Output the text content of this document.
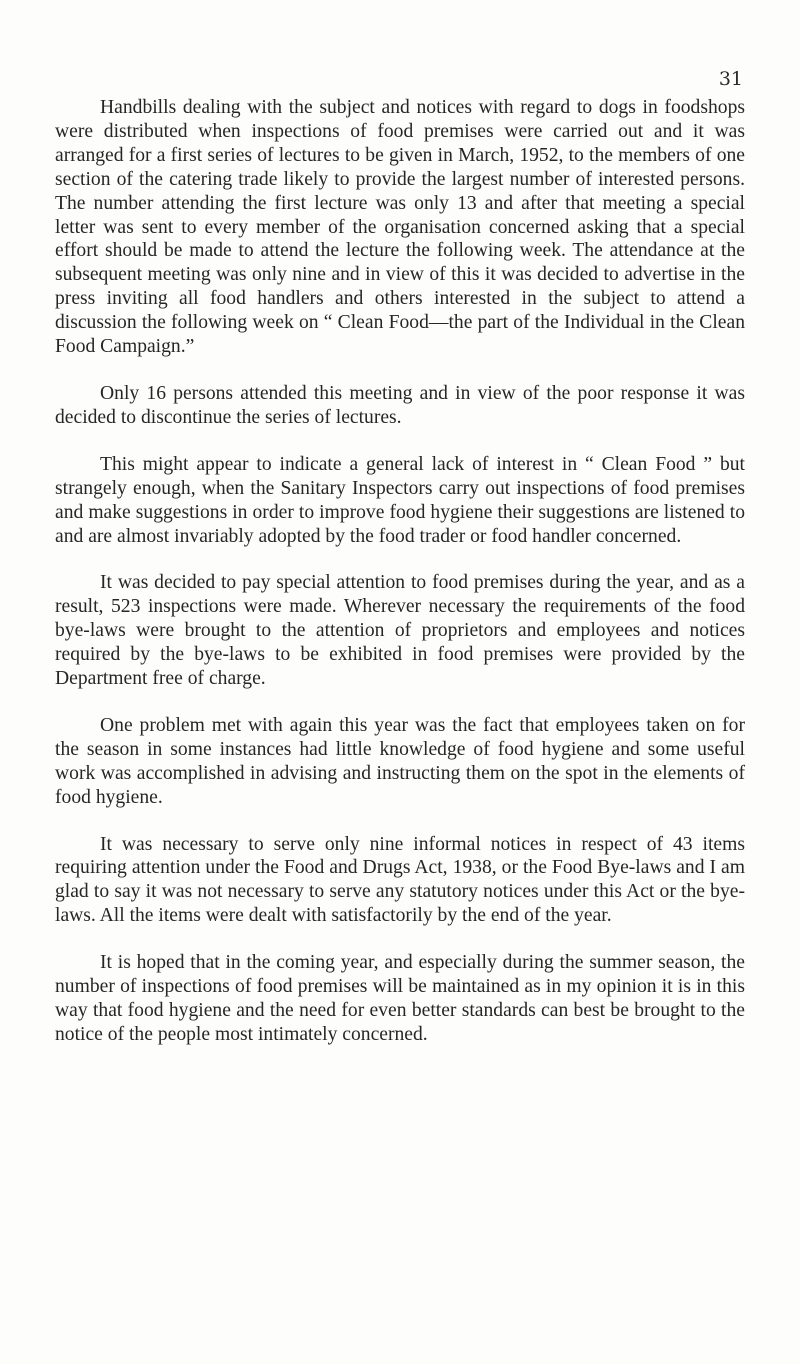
31

Handbills dealing with the subject and notices with regard to dogs in foodshops were distributed when inspections of food premises were carried out and it was arranged for a first series of lectures to be given in March, 1952, to the members of one section of the catering trade likely to provide the largest number of interested persons. The number attending the first lecture was only 13 and after that meeting a special letter was sent to every member of the organisation concerned asking that a special effort should be made to attend the lecture the following week. The attendance at the subsequent meeting was only nine and in view of this it was decided to advertise in the press inviting all food handlers and others interested in the subject to attend a discussion the following week on “ Clean Food—the part of the Individual in the Clean Food Campaign.”

Only 16 persons attended this meeting and in view of the poor response it was decided to discontinue the series of lectures.

This might appear to indicate a general lack of interest in “ Clean Food ” but strangely enough, when the Sanitary Inspectors carry out inspections of food premises and make suggestions in order to improve food hygiene their suggestions are listened to and are almost invariably adopted by the food trader or food handler concerned.

It was decided to pay special attention to food premises during the year, and as a result, 523 inspections were made. Wherever necessary the requirements of the food bye-laws were brought to the attention of proprietors and employees and notices required by the bye-laws to be exhibited in food premises were provided by the Department free of charge.

One problem met with again this year was the fact that employees taken on for the season in some instances had little knowledge of food hygiene and some useful work was accomplished in advising and instructing them on the spot in the elements of food hygiene.

It was necessary to serve only nine informal notices in respect of 43 items requiring attention under the Food and Drugs Act, 1938, or the Food Bye-laws and I am glad to say it was not necessary to serve any statutory notices under this Act or the bye-laws. All the items were dealt with satisfactorily by the end of the year.

It is hoped that in the coming year, and especially during the summer season, the number of inspections of food premises will be maintained as in my opinion it is in this way that food hygiene and the need for even better standards can best be brought to the notice of the people most intimately concerned.
